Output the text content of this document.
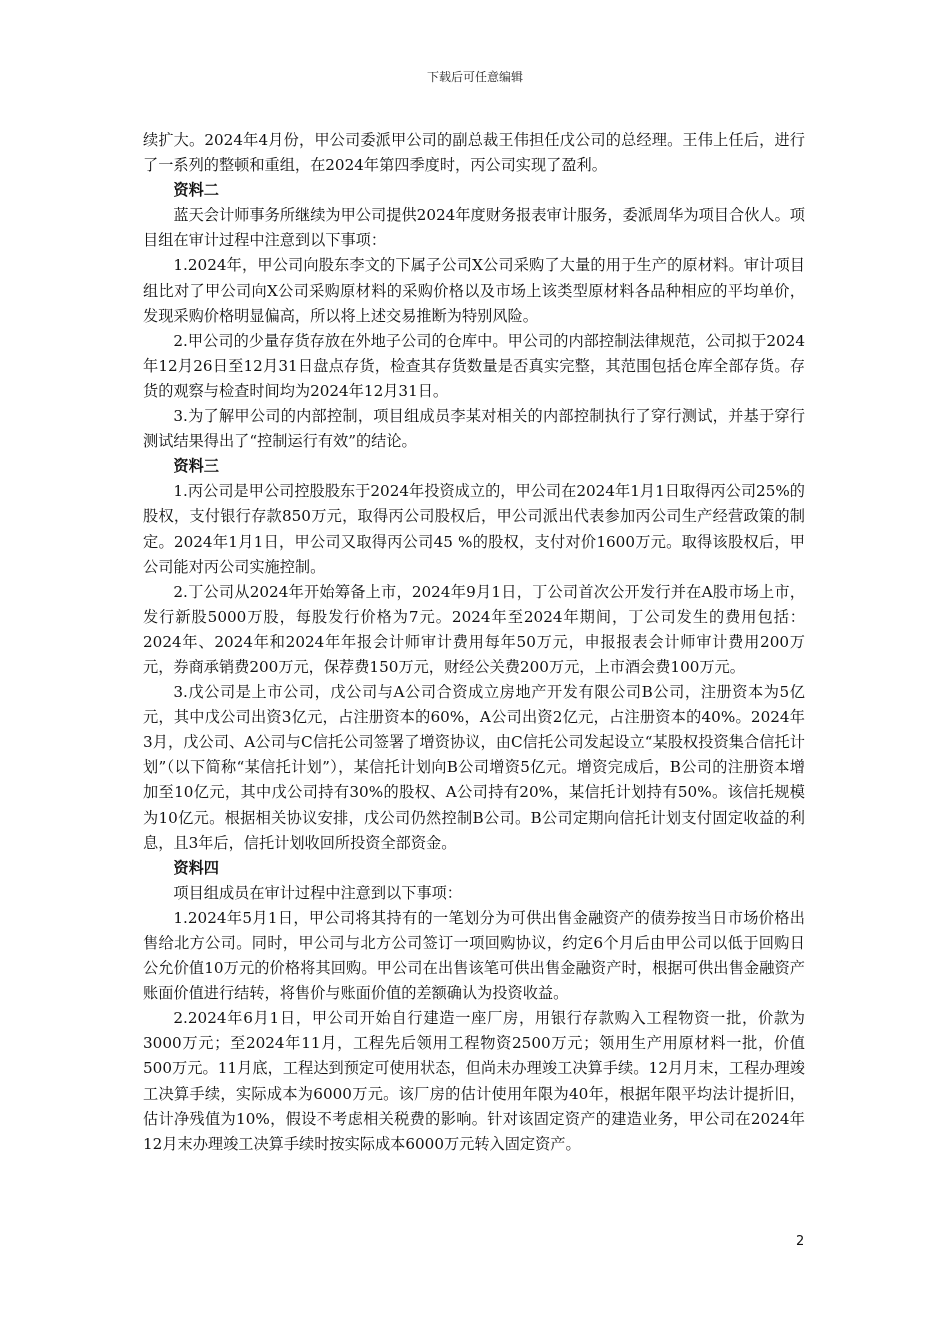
下载后可任意编辑

续扩大。2024年4月份，甲公司委派甲公司的副总裁王伟担任戊公司的总经理。王伟上任后，进行了一系列的整顿和重组，在2024年第四季度时，丙公司实现了盈利。

资料二

蓝天会计师事务所继续为甲公司提供2024年度财务报表审计服务，委派周华为项目合伙人。项目组在审计过程中注意到以下事项：

1.2024年，甲公司向股东李文的下属子公司X公司采购了大量的用于生产的原材料。审计项目组比对了甲公司向X公司采购原材料的采购价格以及市场上该类型原材料各品种相应的平均单价，发现采购价格明显偏高，所以将上述交易推断为特别风险。

2.甲公司的少量存货存放在外地子公司的仓库中。甲公司的内部控制法律规范，公司拟于2024年12月26日至12月31日盘点存货，检查其存货数量是否真实完整，其范围包括仓库全部存货。存货的观察与检查时间均为2024年12月31日。

3.为了解甲公司的内部控制，项目组成员李某对相关的内部控制执行了穿行测试，并基于穿行测试结果得出了“控制运行有效”的结论。

资料三

1.丙公司是甲公司控股股东于2024年投资成立的，甲公司在2024年1月1日取得丙公司25%的股权，支付银行存款850万元，取得丙公司股权后，甲公司派出代表参加丙公司生产经营政策的制定。2024年1月1日，甲公司又取得丙公司45 %的股权，支付对价1600万元。取得该股权后，甲公司能对丙公司实施控制。

2.丁公司从2024年开始筹备上市，2024年9月1日，丁公司首次公开发行并在A股市场上市，发行新股5000万股，每股发行价格为7元。2024年至2024年期间，丁公司发生的费用包括：2024年、2024年和2024年年报会计师审计费用每年50万元，申报报表会计师审计费用200万元，券商承销费200万元，保荐费150万元，财经公关费200万元，上市酒会费100万元。

3.戊公司是上市公司，戊公司与A公司合资成立房地产开发有限公司B公司，注册资本为5亿元，其中戊公司出资3亿元，占注册资本的60%，A公司出资2亿元，占注册资本的40%。2024年3月，戊公司、A公司与C信托公司签署了增资协议，由C信托公司发起设立“某股权投资集合信托计划”（以下简称“某信托计划”），某信托计划向B公司增资5亿元。增资完成后，B公司的注册资本增加至10亿元，其中戊公司持有30%的股权、A公司持有20%，某信托计划持有50%。该信托规模为10亿元。根据相关协议安排，戊公司仍然控制B公司。B公司定期向信托计划支付固定收益的利息，且3年后，信托计划收回所投资全部资金。

资料四

项目组成员在审计过程中注意到以下事项：

1.2024年5月1日，甲公司将其持有的一笔划分为可供出售金融资产的债券按当日市场价格出售给北方公司。同时，甲公司与北方公司签订一项回购协议，约定6个月后由甲公司以低于回购日公允价值10万元的价格将其回购。甲公司在出售该笔可供出售金融资产时，根据可供出售金融资产账面价值进行结转，将售价与账面价值的差额确认为投资收益。

2.2024年6月1日，甲公司开始自行建造一座厂房，用银行存款购入工程物资一批，价款为3000万元；至2024年11月，工程先后领用工程物资2500万元；领用生产用原材料一批，价值500万元。11月底，工程达到预定可使用状态，但尚未办理竣工决算手续。12月月末，工程办理竣工决算手续，实际成本为6000万元。该厂房的估计使用年限为40年，根据年限平均法计提折旧，估计净残值为10%，假设不考虑相关税费的影响。针对该固定资产的建造业务，甲公司在2024年12月末办理竣工决算手续时按实际成本6000万元转入固定资产。

2
